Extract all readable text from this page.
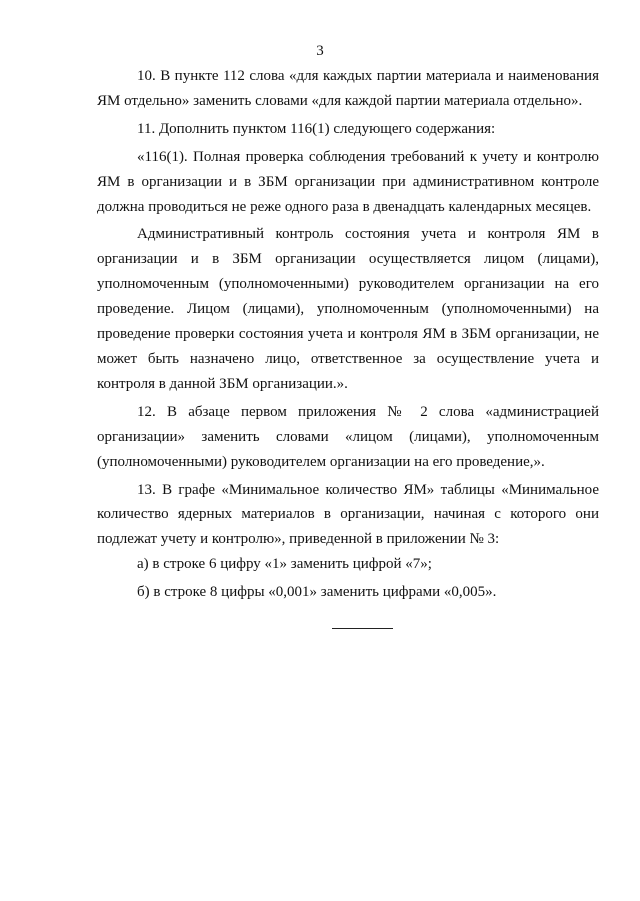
3

10. В пункте 112 слова «для каждых партии материала и наименования ЯМ отдельно» заменить словами «для каждой партии материала отдельно».

11. Дополнить пунктом 116(1) следующего содержания:

«116(1). Полная проверка соблюдения требований к учету и контролю ЯМ в организации и в ЗБМ организации при административном контроле должна проводиться не реже одного раза в двенадцать календарных месяцев.

Административный контроль состояния учета и контроля ЯМ в организации и в ЗБМ организации осуществляется лицом (лицами), уполномоченным (уполномоченными) руководителем организации на его проведение. Лицом (лицами), уполномоченным (уполномоченными) на проведение проверки состояния учета и контроля ЯМ в ЗБМ организации, не может быть назначено лицо, ответственное за осуществление учета и контроля в данной ЗБМ организации.».

12. В абзаце первом приложения № 2 слова «администрацией организации» заменить словами «лицом (лицами), уполномоченным (уполномоченными) руководителем организации на его проведение,».

13. В графе «Минимальное количество ЯМ» таблицы «Минимальное количество ядерных материалов в организации, начиная с которого они подлежат учету и контролю», приведенной в приложении № 3:

а) в строке 6 цифру «1» заменить цифрой «7»;

б) в строке 8 цифры «0,001» заменить цифрами «0,005».
